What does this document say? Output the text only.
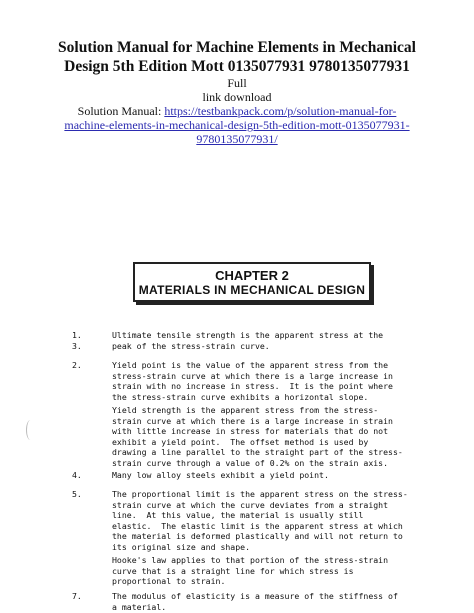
Solution Manual for Machine Elements in Mechanical
Design 5th Edition Mott 0135077931 9780135077931
Full
link download
Solution Manual: https://testbankpack.com/p/solution-manual-for-
machine-elements-in-mechanical-design-5th-edition-mott-0135077931-
9780135077931/
CHAPTER 2
MATERIALS IN MECHANICAL DESIGN
1.
3.
Ultimate tensile strength is the apparent stress at the
peak of the stress-strain curve.
2.	Yield point is the value of the apparent stress from the
stress-strain curve at which there is a large increase in
strain with no increase in stress.  It is the point where
the stress-strain curve exhibits a horizontal slope.
Yield strength is the apparent stress from the stress-
strain curve at which there is a large increase in strain
with little increase in stress for materials that do not
exhibit a yield point.  The offset method is used by
drawing a line parallel to the straight part of the stress-
strain curve through a value of 0.2% on the strain axis.
4.	Many low alloy steels exhibit a yield point.
5.	The proportional limit is the apparent stress on the stress-
strain curve at which the curve deviates from a straight
line.  At this value, the material is usually still
elastic.  The elastic limit is the apparent stress at which
the material is deformed plastically and will not return to
its original size and shape.
Hooke's law applies to that portion of the stress-strain
curve that is a straight line for which stress is
proportional to strain.
7.	The modulus of elasticity is a measure of the stiffness of
a material.
